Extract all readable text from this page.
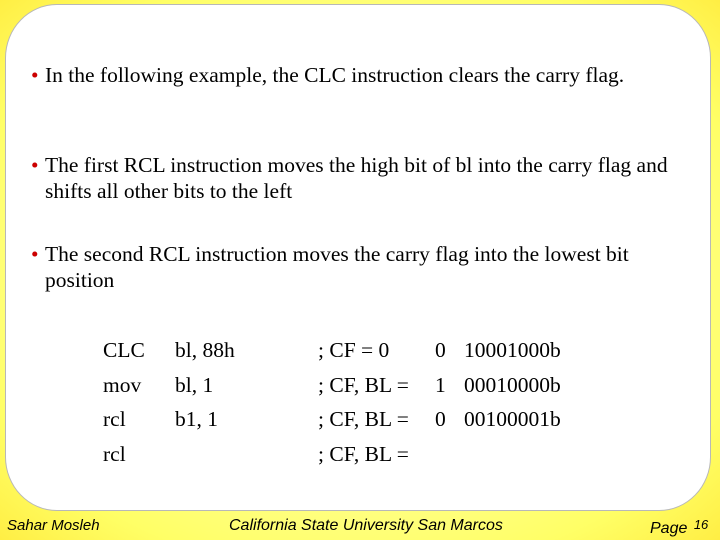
• In the following example, the CLC instruction clears the carry flag.
• The first RCL instruction moves the high bit of bl into the carry flag and shifts all other bits to the left
• The second RCL instruction moves the carry flag into the lowest bit position
CLC
mov
rcl
rcl
bl, 88h
bl, 1
b1, 1
; CF = 0
; CF, BL =
; CF, BL =
; CF, BL =
0
1
0
10001000b
00010000b
00100001b
Sahar Mosleh	California State University San Marcos	Page $^{16}$
